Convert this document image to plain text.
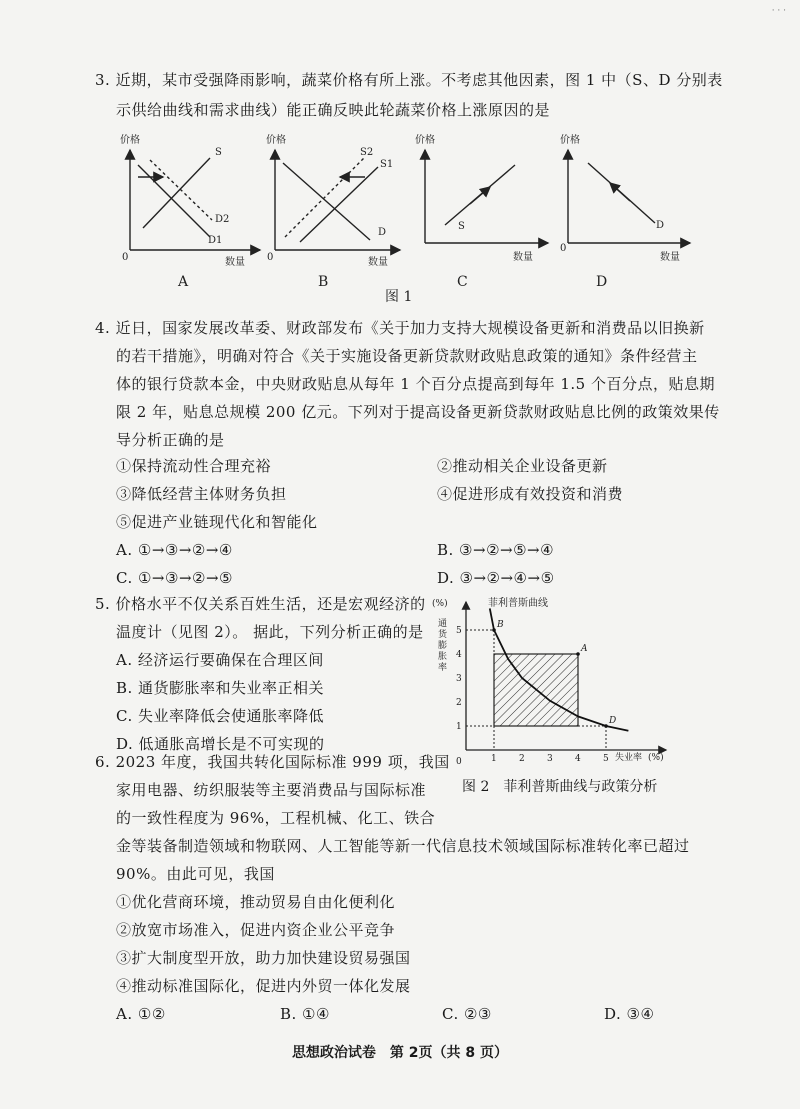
· · ·
3. 近期，某市受强降雨影响，蔬菜价格有所上涨。不考虑其他因素，图 1 中（S、D 分别表
示供给曲线和需求曲线）能正确反映此轮蔬菜价格上涨原因的是
价格
S
D2
D1
0	数量
价格
S2
S1
D
0	数量
价格
S
数量
价格
D
0
数量
A	B	C	D
图 1
4. 近日，国家发展改革委、财政部发布《关于加力支持大规模设备更新和消费品以旧换新
的若干措施》，明确对符合《关于实施设备更新贷款财政贴息政策的通知》条件经营主
体的银行贷款本金，中央财政贴息从每年 1 个百分点提高到每年 1.5 个百分点，贴息期
限 2 年，贴息总规模 200 亿元。下列对于提高设备更新贷款财政贴息比例的政策效果传
导分析正确的是
①保持流动性合理充裕	②推动相关企业设备更新
③降低经营主体财务负担	④促进形成有效投资和消费
⑤促进产业链现代化和智能化
A. ①→③→②→④	B. ③→②→⑤→④
C. ①→③→②→⑤	D. ③→②→④→⑤
5. 价格水平不仅关系百姓生活，还是宏观经济的
温度计（见图 2）。 据此，下列分析正确的是
A. 经济运行要确保在合理区间
B. 通货膨胀率和失业率正相关
C. 失业率降低会使通胀率降低
D. 低通胀高增长是不可实现的
1 2 3 4 5
1
2
3
4
5
A
B
D
菲利普斯曲线
(%)
通
货
膨
胀
率
失业率 (%)
0
图 2　菲利普斯曲线与政策分析
6. 2023 年度，我国共转化国际标准 999 项，我国
家用电器、纺织服装等主要消费品与国际标准
的一致性程度为 96%，工程机械、化工、铁合
金等装备制造领域和物联网、人工智能等新一代信息技术领域国际标准转化率已超过
90%。由此可见，我国
①优化营商环境，推动贸易自由化便利化
②放宽市场准入，促进内资企业公平竞争
③扩大制度型开放，助力加快建设贸易强国
④推动标准国际化，促进内外贸一体化发展
A. ①②	B. ①④	C. ②③	D. ③④
思想政治试卷　第 2页（共 8 页）
